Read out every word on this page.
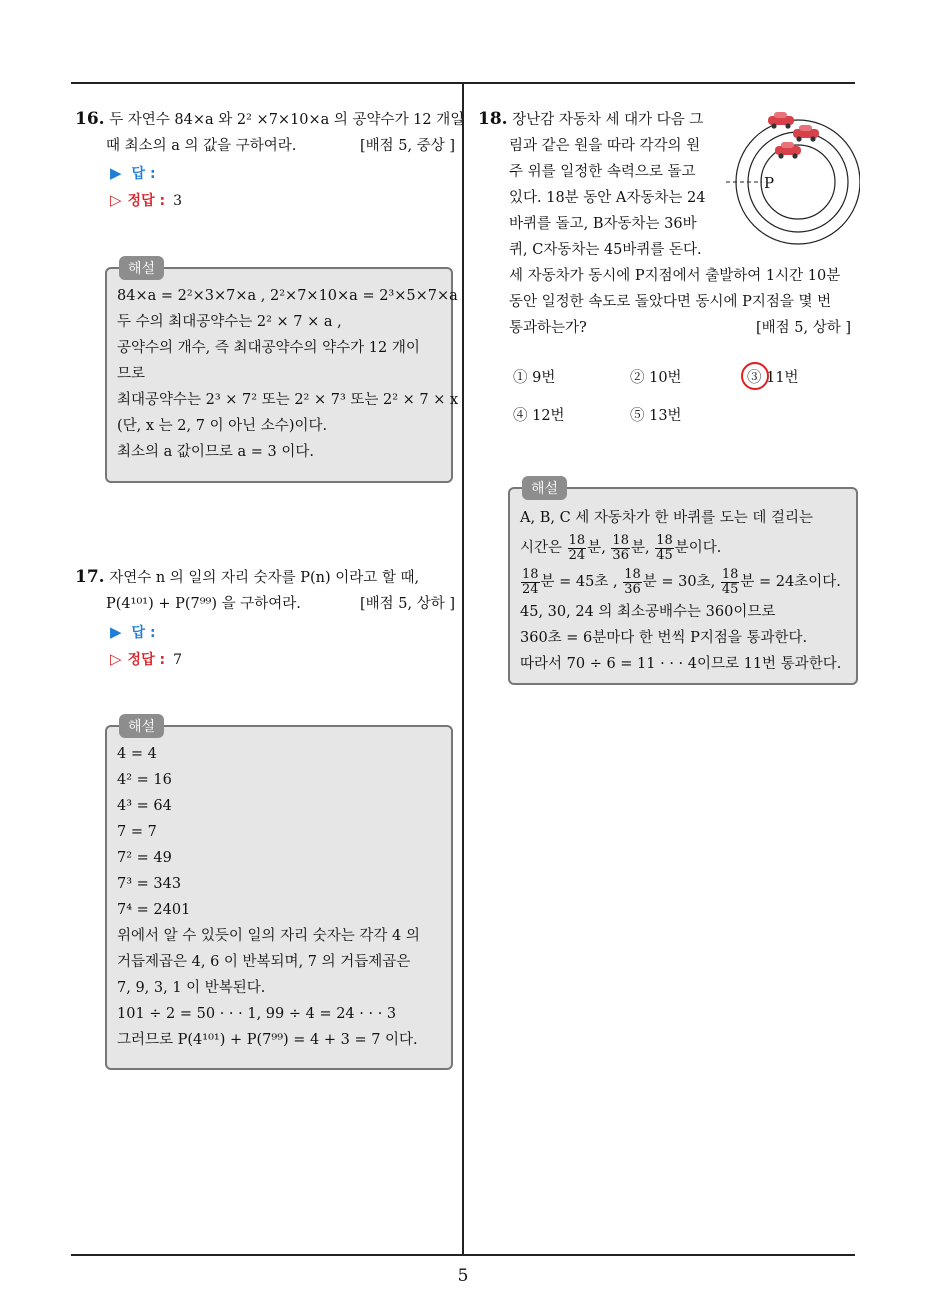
16. 두 자연수 84×a 와 2² ×7×10×a 의 공약수가 12 개일
때 최소의 a 의 값을 구하여라.	[배점 5, 중상 ]
▶ 답 :
▷ 정답 : 3
해설
84×a = 2²×3×7×a , 2²×7×10×a = 2³×5×7×a
두 수의 최대공약수는 2² × 7 × a ,
공약수의 개수, 즉 최대공약수의 약수가 12 개이
므로
최대공약수는 2³ × 7² 또는 2² × 7³ 또는 2² × 7 × x
(단, x 는 2, 7 이 아닌 소수)이다.
최소의 a 값이므로 a = 3 이다.
17. 자연수 n 의 일의 자리 숫자를 P(n) 이라고 할 때,
P(4¹⁰¹) + P(7⁹⁹) 을 구하여라.	[배점 5, 상하 ]
▶ 답 :
▷ 정답 : 7
해설
4 = 4
4² = 16
4³ = 64
7 = 7
7² = 49
7³ = 343
7⁴ = 2401
위에서 알 수 있듯이 일의 자리 숫자는 각각 4 의
거듭제곱은 4, 6 이 반복되며, 7 의 거듭제곱은
7, 9, 3, 1 이 반복된다.
101 ÷ 2 = 50 · · · 1, 99 ÷ 4 = 24 · · · 3
그러므로 P(4¹⁰¹) + P(7⁹⁹) = 4 + 3 = 7 이다.
18. 장난감 자동차 세 대가 다음 그
림과 같은 원을 따라 각각의 원
주 위를 일정한 속력으로 돌고
있다. 18분 동안 A자동차는 24
바퀴를 돌고, B자동차는 36바
퀴, C자동차는 45바퀴를 돈다.
세 자동차가 동시에 P지점에서 출발하여 1시간 10분
동안 일정한 속도로 돌았다면 동시에 P지점을 몇 번
통과하는가?	[배점 5, 상하 ]
P
① 9번	② 10번	③ 11번
④ 12번	⑤ 13번
해설
A, B, C 세 자동차가 한 바퀴를 도는 데 걸리는
시간은 $\frac{18}{24}$ 분, $\frac{18}{36}$ 분, $\frac{18}{45}$ 분이다.
$\frac{18}{24}$ 분 = 45초 , $\frac{18}{36}$ 분 = 30초, $\frac{18}{45}$ 분 = 24초이다.
45, 30, 24 의 최소공배수는 360이므로
360초 = 6분마다 한 번씩 P지점을 통과한다.
따라서 70 ÷ 6 = 11 · · · 4이므로 11번 통과한다.
5
